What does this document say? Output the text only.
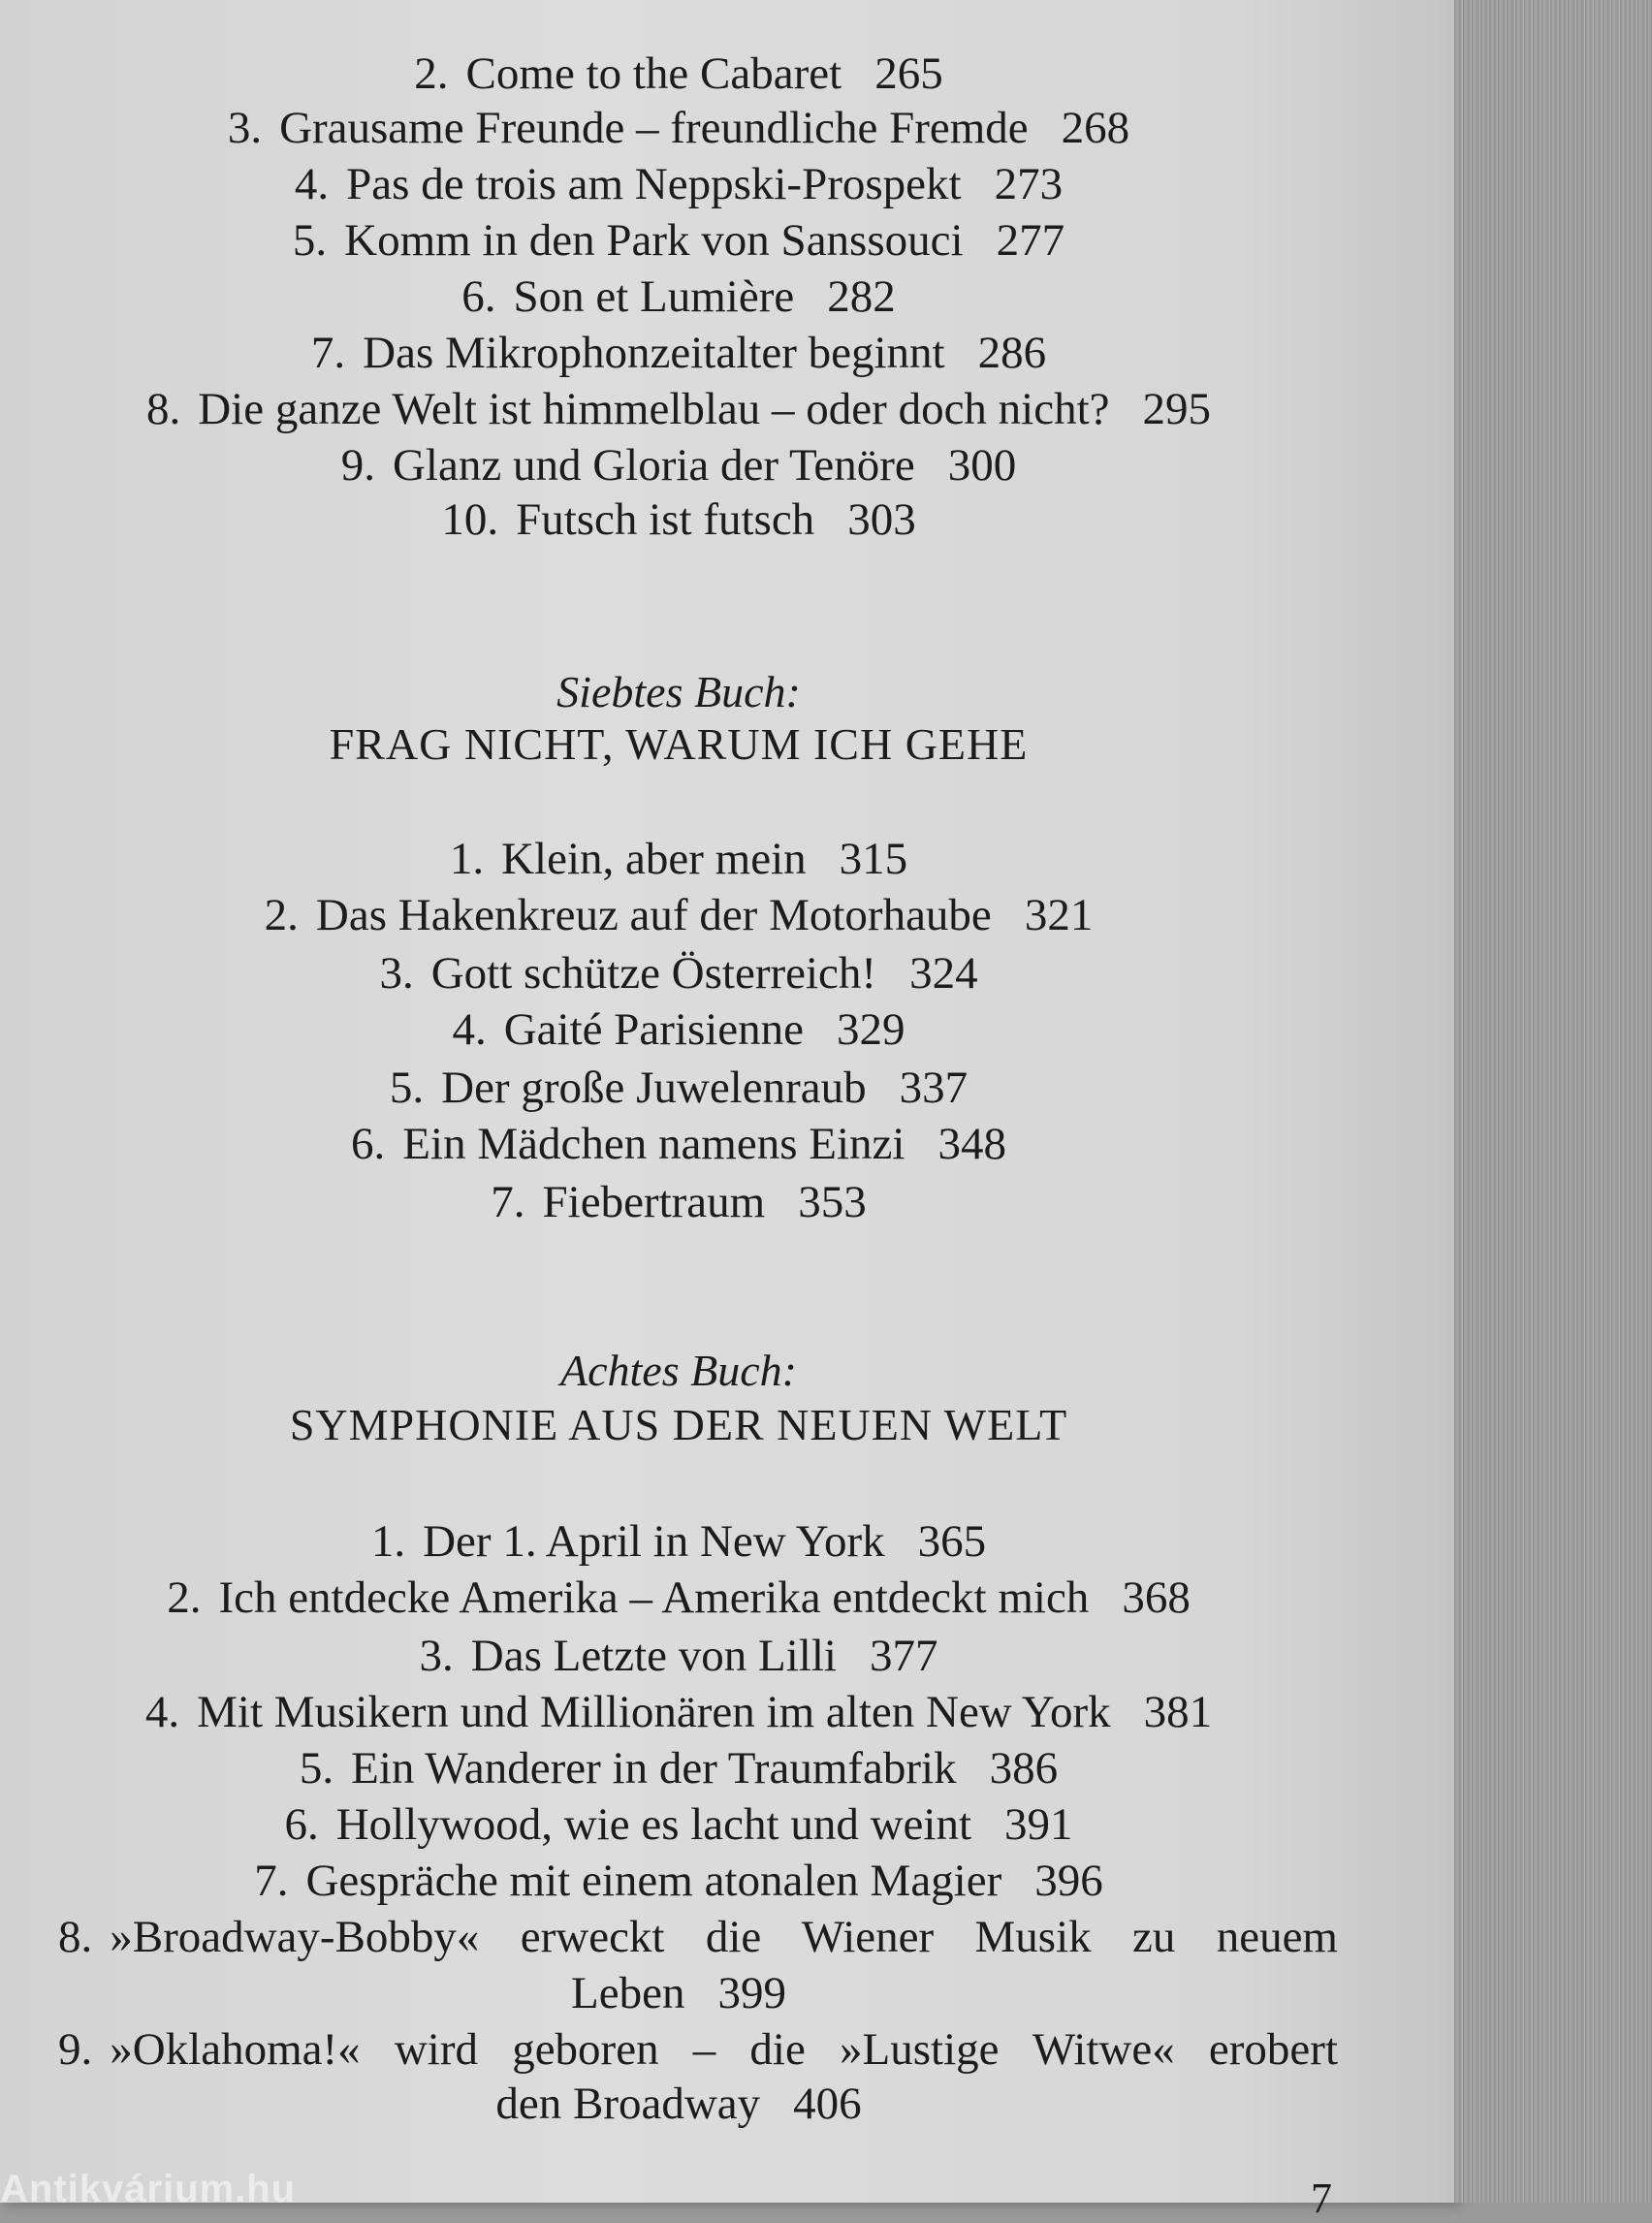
2. Come to the Cabaret 265
3. Grausame Freunde – freundliche Fremde 268
4. Pas de trois am Neppski-Prospekt 273
5. Komm in den Park von Sanssouci 277
6. Son et Lumière 282
7. Das Mikrophonzeitalter beginnt 286
8. Die ganze Welt ist himmelblau – oder doch nicht? 295
9. Glanz und Gloria der Tenöre 300
10. Futsch ist futsch 303
Siebtes Buch:
FRAG NICHT, WARUM ICH GEHE
1. Klein, aber mein 315
2. Das Hakenkreuz auf der Motorhaube 321
3. Gott schütze Österreich! 324
4. Gaité Parisienne 329
5. Der große Juwelenraub 337
6. Ein Mädchen namens Einzi 348
7. Fiebertraum 353
Achtes Buch:
SYMPHONIE AUS DER NEUEN WELT
1. Der 1. April in New York 365
2. Ich entdecke Amerika – Amerika entdeckt mich 368
3. Das Letzte von Lilli 377
4. Mit Musikern und Millionären im alten New York 381
5. Ein Wanderer in der Traumfabrik 386
6. Hollywood, wie es lacht und weint 391
7. Gespräche mit einem atonalen Magier 396
8. »Broadway-Bobby« erweckt die Wiener Musik zu neuem
Leben 399
9. »Oklahoma!« wird geboren – die »Lustige Witwe« erobert
den Broadway 406
Antikvárium.hu	7
